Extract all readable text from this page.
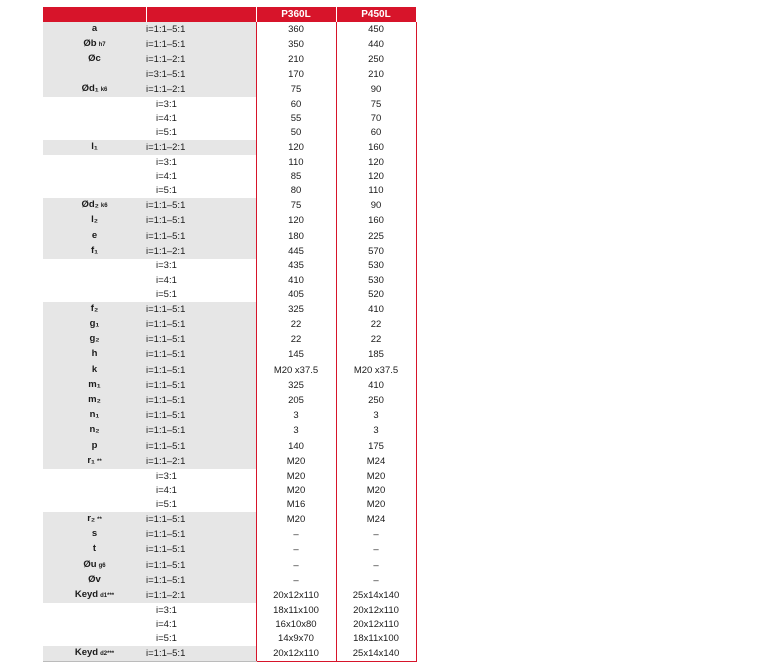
		P360L	P450L
a	i=1:1–5:1	360	450
Øb h7	i=1:1–5:1	350	440
Øc	i=1:1–2:1	210	250
	i=3:1–5:1	170	210
Ød₁ k6	i=1:1–2:1	75	90
	i=3:1	60	75
	i=4:1	55	70
	i=5:1	50	60
l₁	i=1:1–2:1	120	160
	i=3:1	110	120
	i=4:1	85	120
	i=5:1	80	110
Ød₂ k6	i=1:1–5:1	75	90
l₂	i=1:1–5:1	120	160
e	i=1:1–5:1	180	225
f₁	i=1:1–2:1	445	570
	i=3:1	435	530
	i=4:1	410	530
	i=5:1	405	520
f₂	i=1:1–5:1	325	410
g₁	i=1:1–5:1	22	22
g₂	i=1:1–5:1	22	22
h	i=1:1–5:1	145	185
k	i=1:1–5:1	M20 x37.5	M20 x37.5
m₁	i=1:1–5:1	325	410
m₂	i=1:1–5:1	205	250
n₁	i=1:1–5:1	3	3
n₂	i=1:1–5:1	3	3
p	i=1:1–5:1	140	175
r₁ **	i=1:1–2:1	M20	M24
	i=3:1	M20	M20
	i=4:1	M20	M20
	i=5:1	M16	M20
r₂ **	i=1:1–5:1	M20	M24
s	i=1:1–5:1	–	–
t	i=1:1–5:1	–	–
Øu g6	i=1:1–5:1	–	–
Øv	i=1:1–5:1	–	–
Keyd d1***	i=1:1–2:1	20x12x110	25x14x140
	i=3:1	18x11x100	20x12x110
	i=4:1	16x10x80	20x12x110
	i=5:1	14x9x70	18x11x100
Keyd d2***	i=1:1–5:1	20x12x110	25x14x140
